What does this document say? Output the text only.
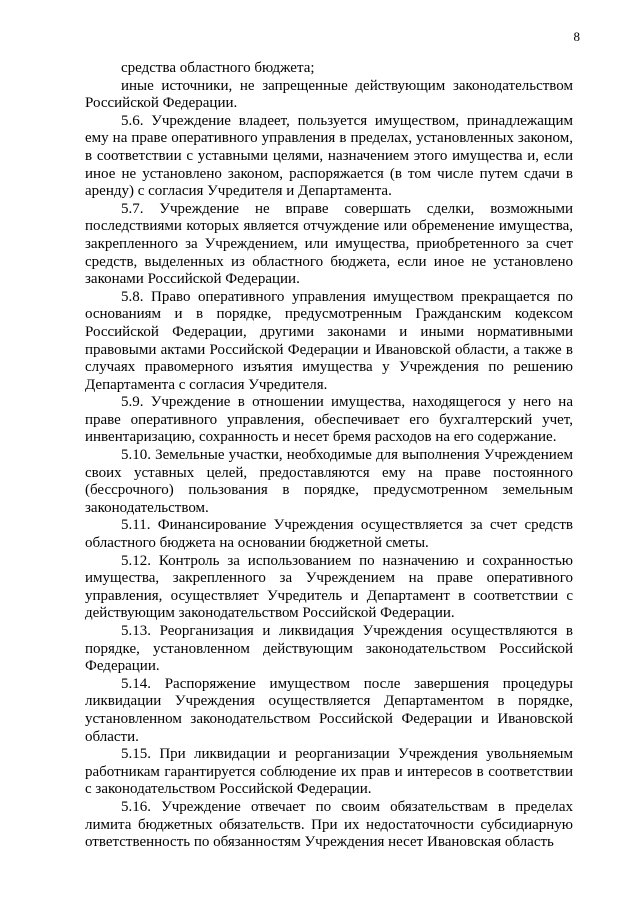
8

средства областного бюджета;

иные источники, не запрещенные действующим законодательством Российской Федерации.

5.6. Учреждение владеет, пользуется имуществом, принадлежащим ему на праве оперативного управления в пределах, установленных законом, в соответствии с уставными целями, назначением этого имущества и, если иное не установлено законом, распоряжается (в том числе путем сдачи в аренду) с согласия Учредителя и Департамента.

5.7. Учреждение не вправе совершать сделки, возможными последствиями которых является отчуждение или обременение имущества, закрепленного за Учреждением, или имущества, приобретенного за счет средств, выделенных из областного бюджета, если иное не установлено законами Российской Федерации.

5.8. Право оперативного управления имуществом прекращается по основаниям и в порядке, предусмотренным Гражданским кодексом Российской Федерации, другими законами и иными нормативными правовыми актами Российской Федерации и Ивановской области, а также в случаях правомерного изъятия имущества у Учреждения по решению Департамента с согласия Учредителя.

5.9. Учреждение в отношении имущества, находящегося у него на праве оперативного управления, обеспечивает его бухгалтерский учет, инвентаризацию, сохранность и несет бремя расходов на его содержание.

5.10. Земельные участки, необходимые для выполнения Учреждением своих уставных целей, предоставляются ему на праве постоянного (бессрочного) пользования в порядке, предусмотренном земельным законодательством.

5.11. Финансирование Учреждения осуществляется за счет средств областного бюджета на основании бюджетной сметы.

5.12. Контроль за использованием по назначению и сохранностью имущества, закрепленного за Учреждением на праве оперативного управления, осуществляет Учредитель и Департамент в соответствии с действующим законодательством Российской Федерации.

5.13. Реорганизация и ликвидация Учреждения осуществляются в порядке, установленном действующим законодательством Российской Федерации.

5.14. Распоряжение имуществом после завершения процедуры ликвидации Учреждения осуществляется Департаментом в порядке, установленном законодательством Российской Федерации и Ивановской области.

5.15. При ликвидации и реорганизации Учреждения увольняемым работникам гарантируется соблюдение их прав и интересов в соответствии с законодательством Российской Федерации.

5.16. Учреждение отвечает по своим обязательствам в пределах лимита бюджетных обязательств. При их недостаточности субсидиарную ответственность по обязанностям Учреждения несет Ивановская область
